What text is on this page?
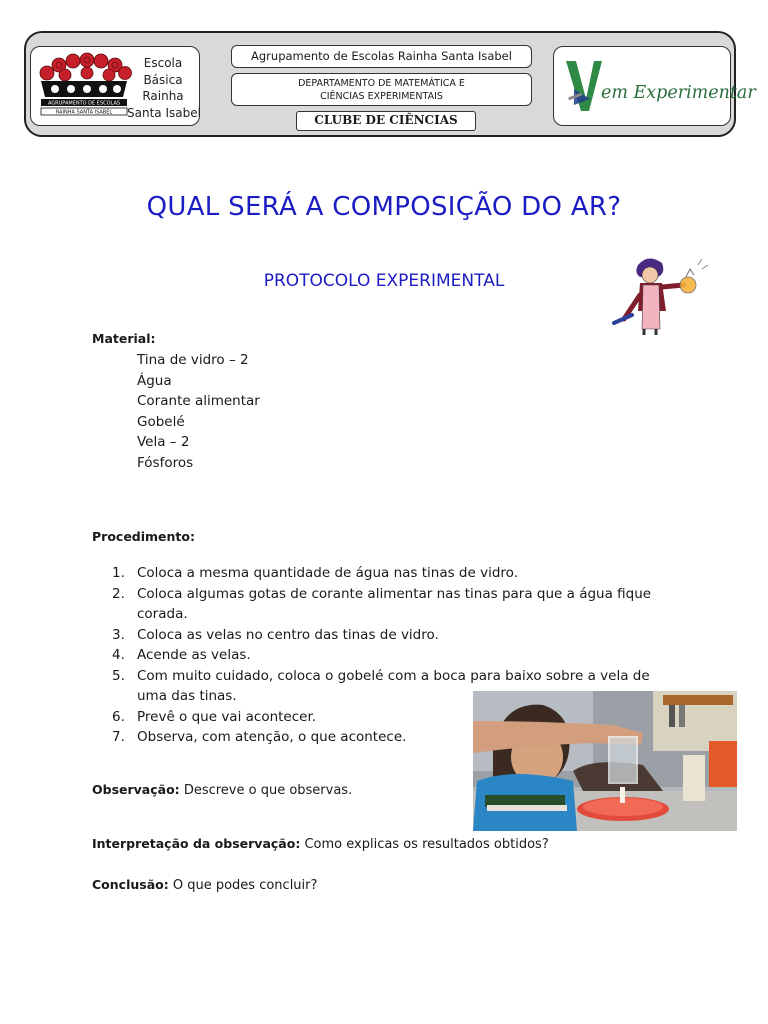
AGRUPAMENTO DE ESCOLAS
RAINHA SANTA ISABEL
Escola
Básica
Rainha
Santa Isabel
Agrupamento de Escolas Rainha Santa Isabel
DEPARTAMENTO DE MATEMÁTICA E
CIÊNCIAS EXPERIMENTAIS
CLUBE DE CIÊNCIAS
V em Experimentar
QUAL SERÁ A COMPOSIÇÃO DO AR?
PROTOCOLO EXPERIMENTAL
Material:
Tina de vidro – 2
Água
Corante alimentar
Gobelé
Vela – 2
Fósforos
Procedimento:
1. Coloca a mesma quantidade de água nas tinas de vidro.
2. Coloca algumas gotas de corante alimentar nas tinas para que a água fique
corada.
3. Coloca as velas no centro das tinas de vidro.
4. Acende as velas.
5. Com muito cuidado, coloca o gobelé com a boca para baixo sobre a vela de
uma das tinas.
6. Prevê o que vai acontecer.
7. Observa, com atenção, o que acontece.
Observação: Descreve o que observas.
Interpretação da observação: Como explicas os resultados obtidos?
Conclusão: O que podes concluir?
